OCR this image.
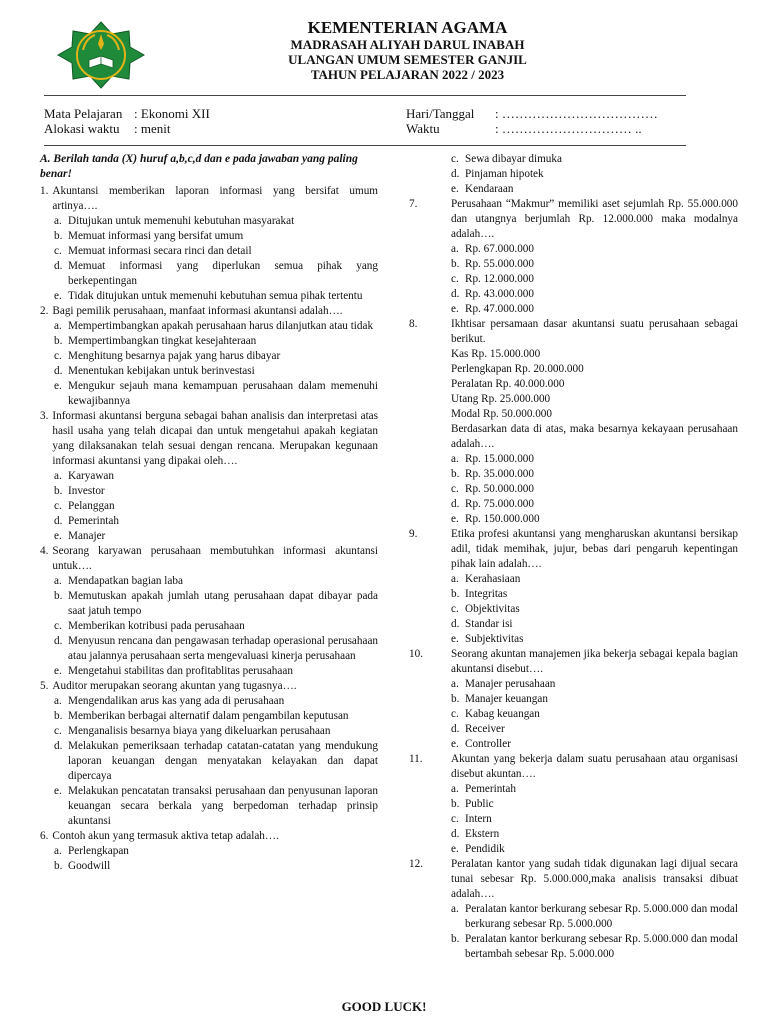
KEMENTERIAN AGAMA
MADRASAH ALIYAH DARUL INABAH
ULANGAN UMUM SEMESTER GANJIL
TAHUN PELAJARAN 2022 / 2023
Mata Pelajaran : Ekonomi XII
Alokasi waktu : menit
Hari/Tanggal : ………………………………
Waktu	: ………………………… ..
A. Berilah tanda (X) huruf a,b,c,d dan e pada jawaban yang paling benar!
1. Akuntansi memberikan laporan informasi yang bersifat umum artinya….
a. Ditujukan untuk memenuhi kebutuhan masyarakat
b. Memuat informasi yang bersifat umum
c. Memuat informasi secara rinci dan detail
d. Memuat informasi yang diperlukan semua pihak yang berkepentingan
e. Tidak ditujukan untuk memenuhi kebutuhan semua pihak tertentu
2. Bagi pemilik perusahaan, manfaat informasi akuntansi adalah….
a. Mempertimbangkan apakah perusahaan harus dilanjutkan atau tidak
b. Mempertimbangkan tingkat kesejahteraan
c. Menghitung besarnya pajak yang harus dibayar
d. Menentukan kebijakan untuk berinvestasi
e. Mengukur sejauh mana kemampuan perusahaan dalam memenuhi kewajibannya
3. Informasi akuntansi berguna sebagai bahan analisis dan interpretasi atas hasil usaha yang telah dicapai dan untuk mengetahui apakah kegiatan yang dilaksanakan telah sesuai dengan rencana. Merupakan kegunaan informasi akuntansi yang dipakai oleh….
a. Karyawan
b. Investor
c. Pelanggan
d. Pemerintah
e. Manajer
4. Seorang karyawan perusahaan membutuhkan informasi akuntansi untuk….
a. Mendapatkan bagian laba
b. Memutuskan apakah jumlah utang perusahaan dapat dibayar pada saat jatuh tempo
c. Memberikan kotribusi pada perusahaan
d. Menyusun rencana dan pengawasan terhadap operasional perusahaan atau jalannya perusahaan serta mengevaluasi kinerja perusahaan
e. Mengetahui stabilitas dan profitablitas perusahaan
5. Auditor merupakan seorang akuntan yang tugasnya….
a. Mengendalikan arus kas yang ada di perusahaan
b. Memberikan berbagai alternatif dalam pengambilan keputusan
c. Menganalisis besarnya biaya yang dikeluarkan perusahaan
d. Melakukan pemeriksaan terhadap catatan-catatan yang mendukung laporan keuangan dengan menyatakan kelayakan dan dapat dipercaya
e. Melakukan pencatatan transaksi perusahaan dan penyusunan laporan keuangan secara berkala yang berpedoman terhadap prinsip akuntansi
6. Contoh akun yang termasuk aktiva tetap adalah….
a. Perlengkapan
b. Goodwill
c. Sewa dibayar dimuka
d. Pinjaman hipotek
e. Kendaraan
7.	Perusahaan “Makmur” memiliki aset sejumlah Rp. 55.000.000 dan utangnya berjumlah Rp. 12.000.000 maka modalnya adalah….
a. Rp. 67.000.000
b. Rp. 55.000.000
c. Rp. 12.000.000
d. Rp. 43.000.000
e. Rp. 47.000.000
8.	Ikhtisar persamaan dasar akuntansi suatu perusahaan sebagai berikut.
Kas Rp. 15.000.000
Perlengkapan Rp. 20.000.000
Peralatan Rp. 40.000.000
Utang Rp. 25.000.000
Modal Rp. 50.000.000
Berdasarkan data di atas, maka besarnya kekayaan perusahaan adalah….
a. Rp. 15.000.000
b. Rp. 35.000.000
c. Rp. 50.000.000
d. Rp. 75.000.000
e. Rp. 150.000.000
9.	Etika profesi akuntansi yang mengharuskan akuntansi bersikap adil, tidak memihak, jujur, bebas dari pengaruh kepentingan pihak lain adalah….
a. Kerahasiaan
b. Integritas
c. Objektivitas
d. Standar isi
e. Subjektivitas
10.	Seorang akuntan manajemen jika bekerja sebagai kepala bagian akuntansi disebut….
a. Manajer perusahaan
b. Manajer keuangan
c. Kabag keuangan
d. Receiver
e. Controller
11.	Akuntan yang bekerja dalam suatu perusahaan atau organisasi disebut akuntan….
a. Pemerintah
b. Public
c. Intern
d. Ekstern
e. Pendidik
12.	Peralatan kantor yang sudah tidak digunakan lagi dijual secara tunai sebesar Rp. 5.000.000,maka analisis transaksi dibuat adalah….
a. Peralatan kantor berkurang sebesar Rp. 5.000.000 dan modal berkurang sebesar Rp. 5.000.000
b. Peralatan kantor berkurang sebesar Rp. 5.000.000 dan modal bertambah sebesar Rp. 5.000.000
GOOD LUCK!
